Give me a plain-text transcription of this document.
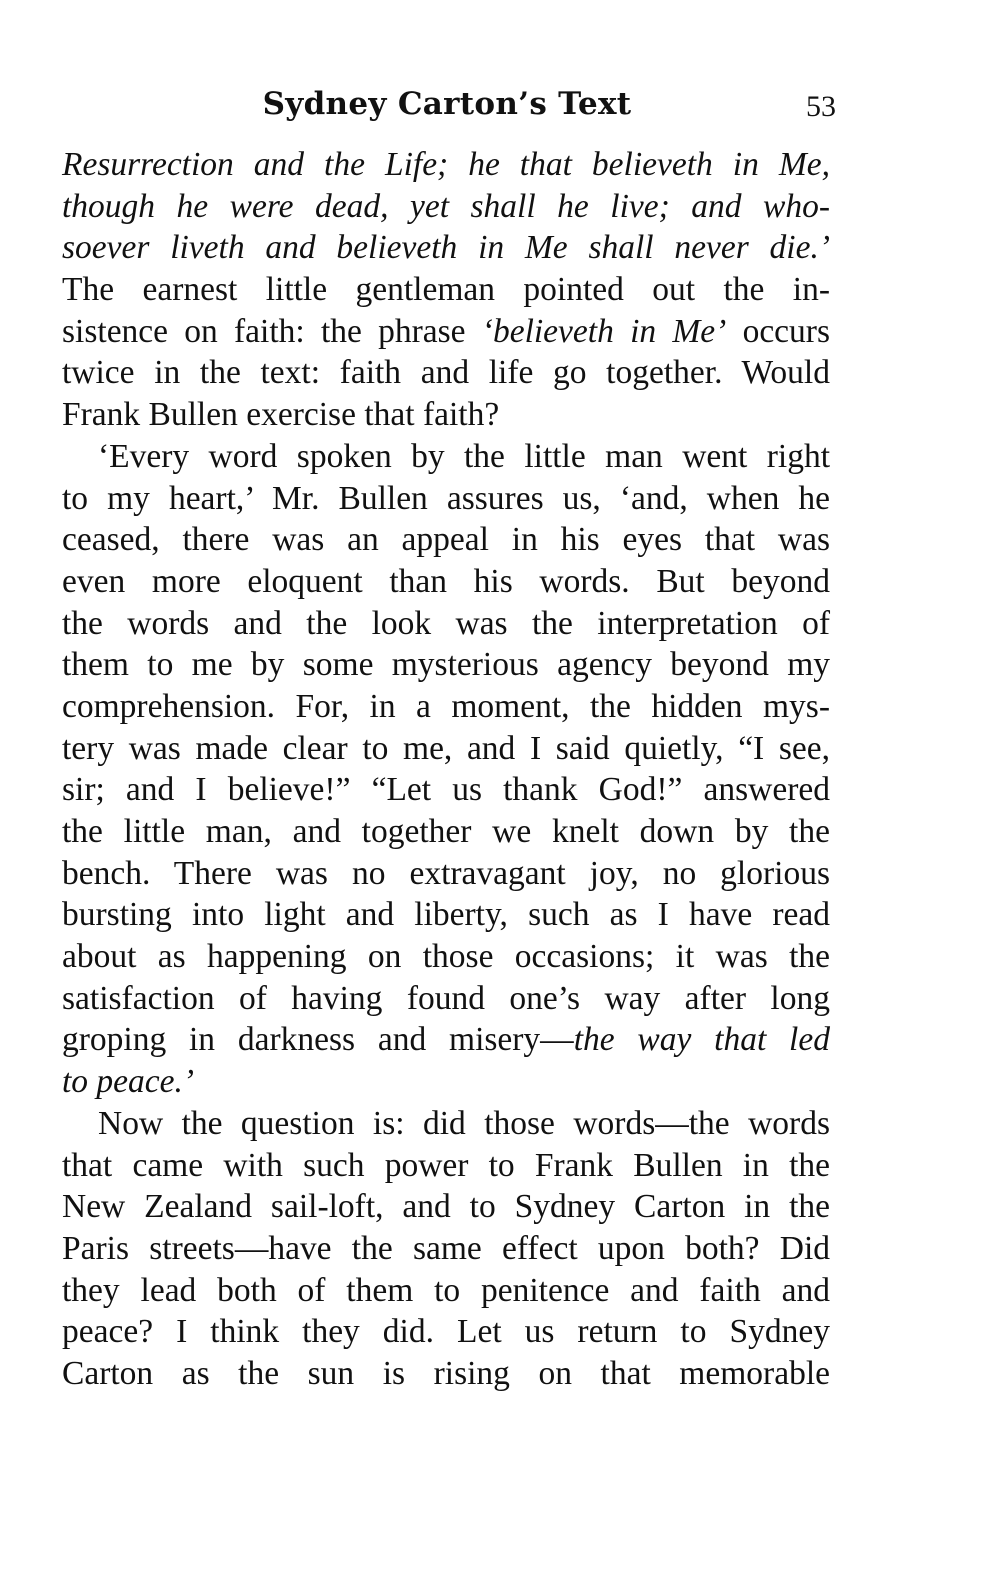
Sydney Carton’s Text	53
Resurrection and the Life; he that believeth in Me,
though he were dead, yet shall he live; and who-
soever liveth and believeth in Me shall never die.’
The earnest little gentleman pointed out the in-
sistence on faith: the phrase ‘believeth in Me’ occurs
twice in the text: faith and life go together. Would
Frank Bullen exercise that faith?
‘Every word spoken by the little man went right
to my heart,’ Mr. Bullen assures us, ‘and, when he
ceased, there was an appeal in his eyes that was
even more eloquent than his words. But beyond
the words and the look was the interpretation of
them to me by some mysterious agency beyond my
comprehension. For, in a moment, the hidden mys-
tery was made clear to me, and I said quietly, “I see,
sir; and I believe!” “Let us thank God!” answered
the little man, and together we knelt down by the
bench. There was no extravagant joy, no glorious
bursting into light and liberty, such as I have read
about as happening on those occasions; it was the
satisfaction of having found one’s way after long
groping in darkness and misery—the way that led
to peace.’
Now the question is: did those words—the words
that came with such power to Frank Bullen in the
New Zealand sail-loft, and to Sydney Carton in the
Paris streets—have the same effect upon both? Did
they lead both of them to penitence and faith and
peace? I think they did. Let us return to Sydney
Carton as the sun is rising on that memorable
